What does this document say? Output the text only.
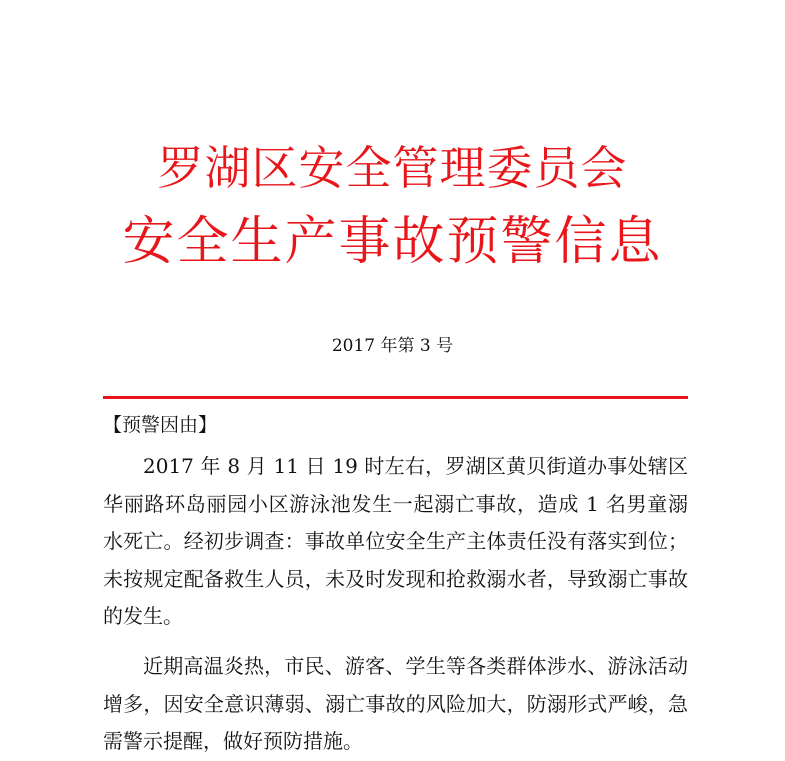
罗湖区安全管理委员会
安全生产事故预警信息
2017 年第 3 号
【预警因由】

2017 年 8 月 11 日 19 时左右，罗湖区黄贝街道办事处辖区华丽路环岛丽园小区游泳池发生一起溺亡事故，造成 1 名男童溺水死亡。经初步调查：事故单位安全生产主体责任没有落实到位；未按规定配备救生人员，未及时发现和抢救溺水者，导致溺亡事故的发生。

近期高温炎热，市民、游客、学生等各类群体涉水、游泳活动增多，因安全意识薄弱、溺亡事故的风险加大，防溺形式严峻，急需警示提醒，做好预防措施。
